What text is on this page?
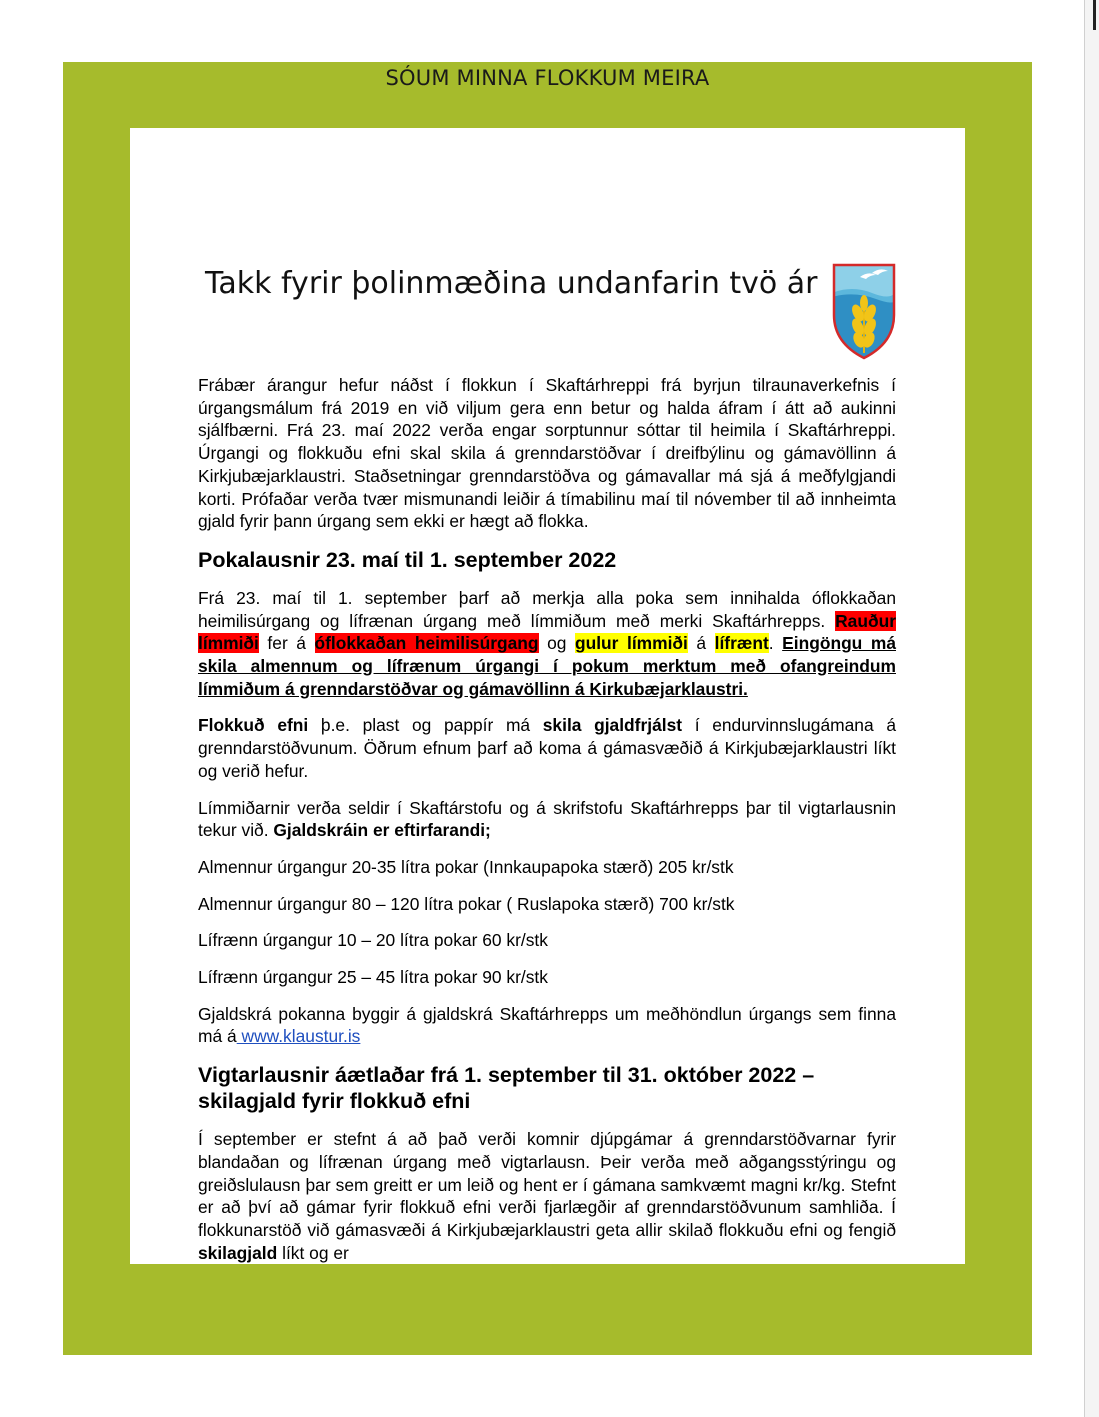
SÓUM MINNA FLOKKUM MEIRA
Takk fyrir þolinmæðina undanfarin tvö ár

Frábær árangur hefur náðst í flokkun í Skaftárhreppi frá byrjun tilraunaverkefnis í úrgangsmálum frá 2019 en við viljum gera enn betur og halda áfram í átt að aukinni sjálfbærni. Frá 23. maí 2022 verða engar sorptunnur sóttar til heimila í Skaftárhreppi. Úrgangi og flokkuðu efni skal skila á grenndarstöðvar í dreifbýlinu og gámavöllinn á Kirkjubæjarklaustri. Staðsetningar grenndarstöðva og gámavallar má sjá á meðfylgjandi korti. Prófaðar verða tvær mismunandi leiðir á tímabilinu maí til nóvember til að innheimta gjald fyrir þann úrgang sem ekki er hægt að flokka.

Pokalausnir 23. maí til 1. september 2022

Frá 23. maí til 1. september þarf að merkja alla poka sem innihalda óflokkaðan heimilisúrgang og lífrænan úrgang með límmiðum með merki Skaftárhrepps. Rauður límmiði fer á óflokkaðan heimilisúrgang og gulur límmiði á lífrænt. Eingöngu má skila almennum og lífrænum úrgangi í pokum merktum með ofangreindum límmiðum á grenndarstöðvar og gámavöllinn á Kirkubæjarklaustri.

Flokkuð efni þ.e. plast og pappír má skila gjaldfrjálst í endurvinnslugámana á grenndarstöðvunum. Öðrum efnum þarf að koma á gámasvæðið á Kirkjubæjarklaustri líkt og verið hefur.

Límmiðarnir verða seldir í Skaftárstofu og á skrifstofu Skaftárhrepps þar til vigtarlausnin tekur við. Gjaldskráin er eftirfarandi;

Almennur úrgangur 20-35 lítra pokar (Innkaupapoka stærð) 205 kr/stk

Almennur úrgangur 80 – 120 lítra pokar ( Ruslapoka stærð) 700 kr/stk

Lífrænn úrgangur 10 – 20 lítra pokar 60 kr/stk

Lífrænn úrgangur 25 – 45 lítra pokar 90 kr/stk

Gjaldskrá pokanna byggir á gjaldskrá Skaftárhrepps um meðhöndlun úrgangs sem finna má á www.klaustur.is

Vigtarlausnir áætlaðar frá 1. september til 31. október 2022 – skilagjald fyrir flokkuð efni

Í september er stefnt á að það verði komnir djúpgámar á grenndarstöðvarnar fyrir blandaðan og lífrænan úrgang með vigtarlausn. Þeir verða með aðgangsstýringu og greiðslulausn þar sem greitt er um leið og hent er í gámana samkvæmt magni kr/kg. Stefnt er að því að gámar fyrir flokkuð efni verði fjarlægðir af grenndarstöðvunum samhliða. Í flokkunarstöð við gámasvæði á Kirkjubæjarklaustri geta allir skilað flokkuðu efni og fengið skilagjald líkt og er
